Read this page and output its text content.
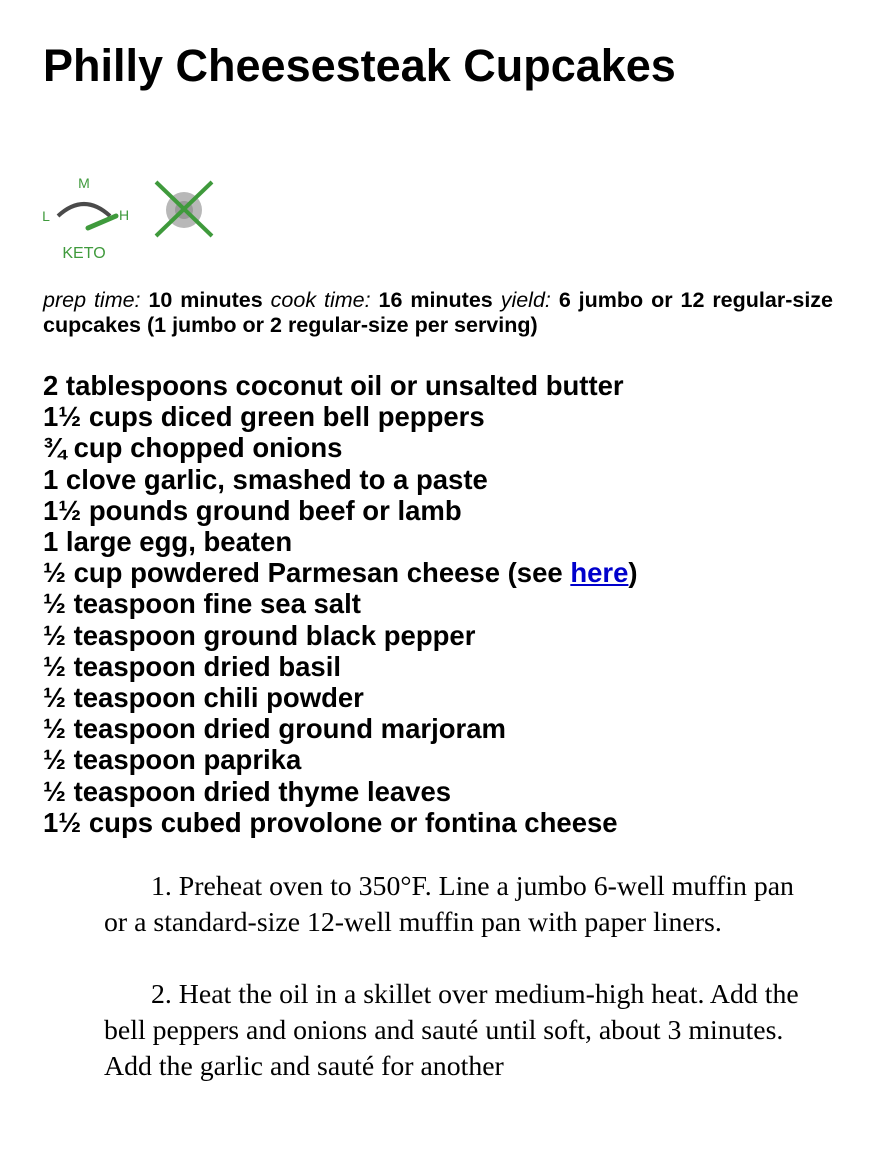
Philly Cheesesteak Cupcakes
M
L	H
KETO

prep time: 10 minutes cook time: 16 minutes yield: 6 jumbo or 12 regular-size cupcakes (1 jumbo or 2 regular-size per serving)

2 tablespoons coconut oil or unsalted butter
1½ cups diced green bell peppers
¾ cup chopped onions
1 clove garlic, smashed to a paste
1½ pounds ground beef or lamb
1 large egg, beaten
½ cup powdered Parmesan cheese (see here)
½ teaspoon fine sea salt
½ teaspoon ground black pepper
½ teaspoon dried basil
½ teaspoon chili powder
½ teaspoon dried ground marjoram
½ teaspoon paprika
½ teaspoon dried thyme leaves
1½ cups cubed provolone or fontina cheese
1. Preheat oven to 350°F. Line a jumbo 6-well muffin pan or a standard-size 12-well muffin pan with paper liners.
2. Heat the oil in a skillet over medium-high heat. Add the bell peppers and onions and sauté until soft, about 3 minutes. Add the garlic and sauté for another
